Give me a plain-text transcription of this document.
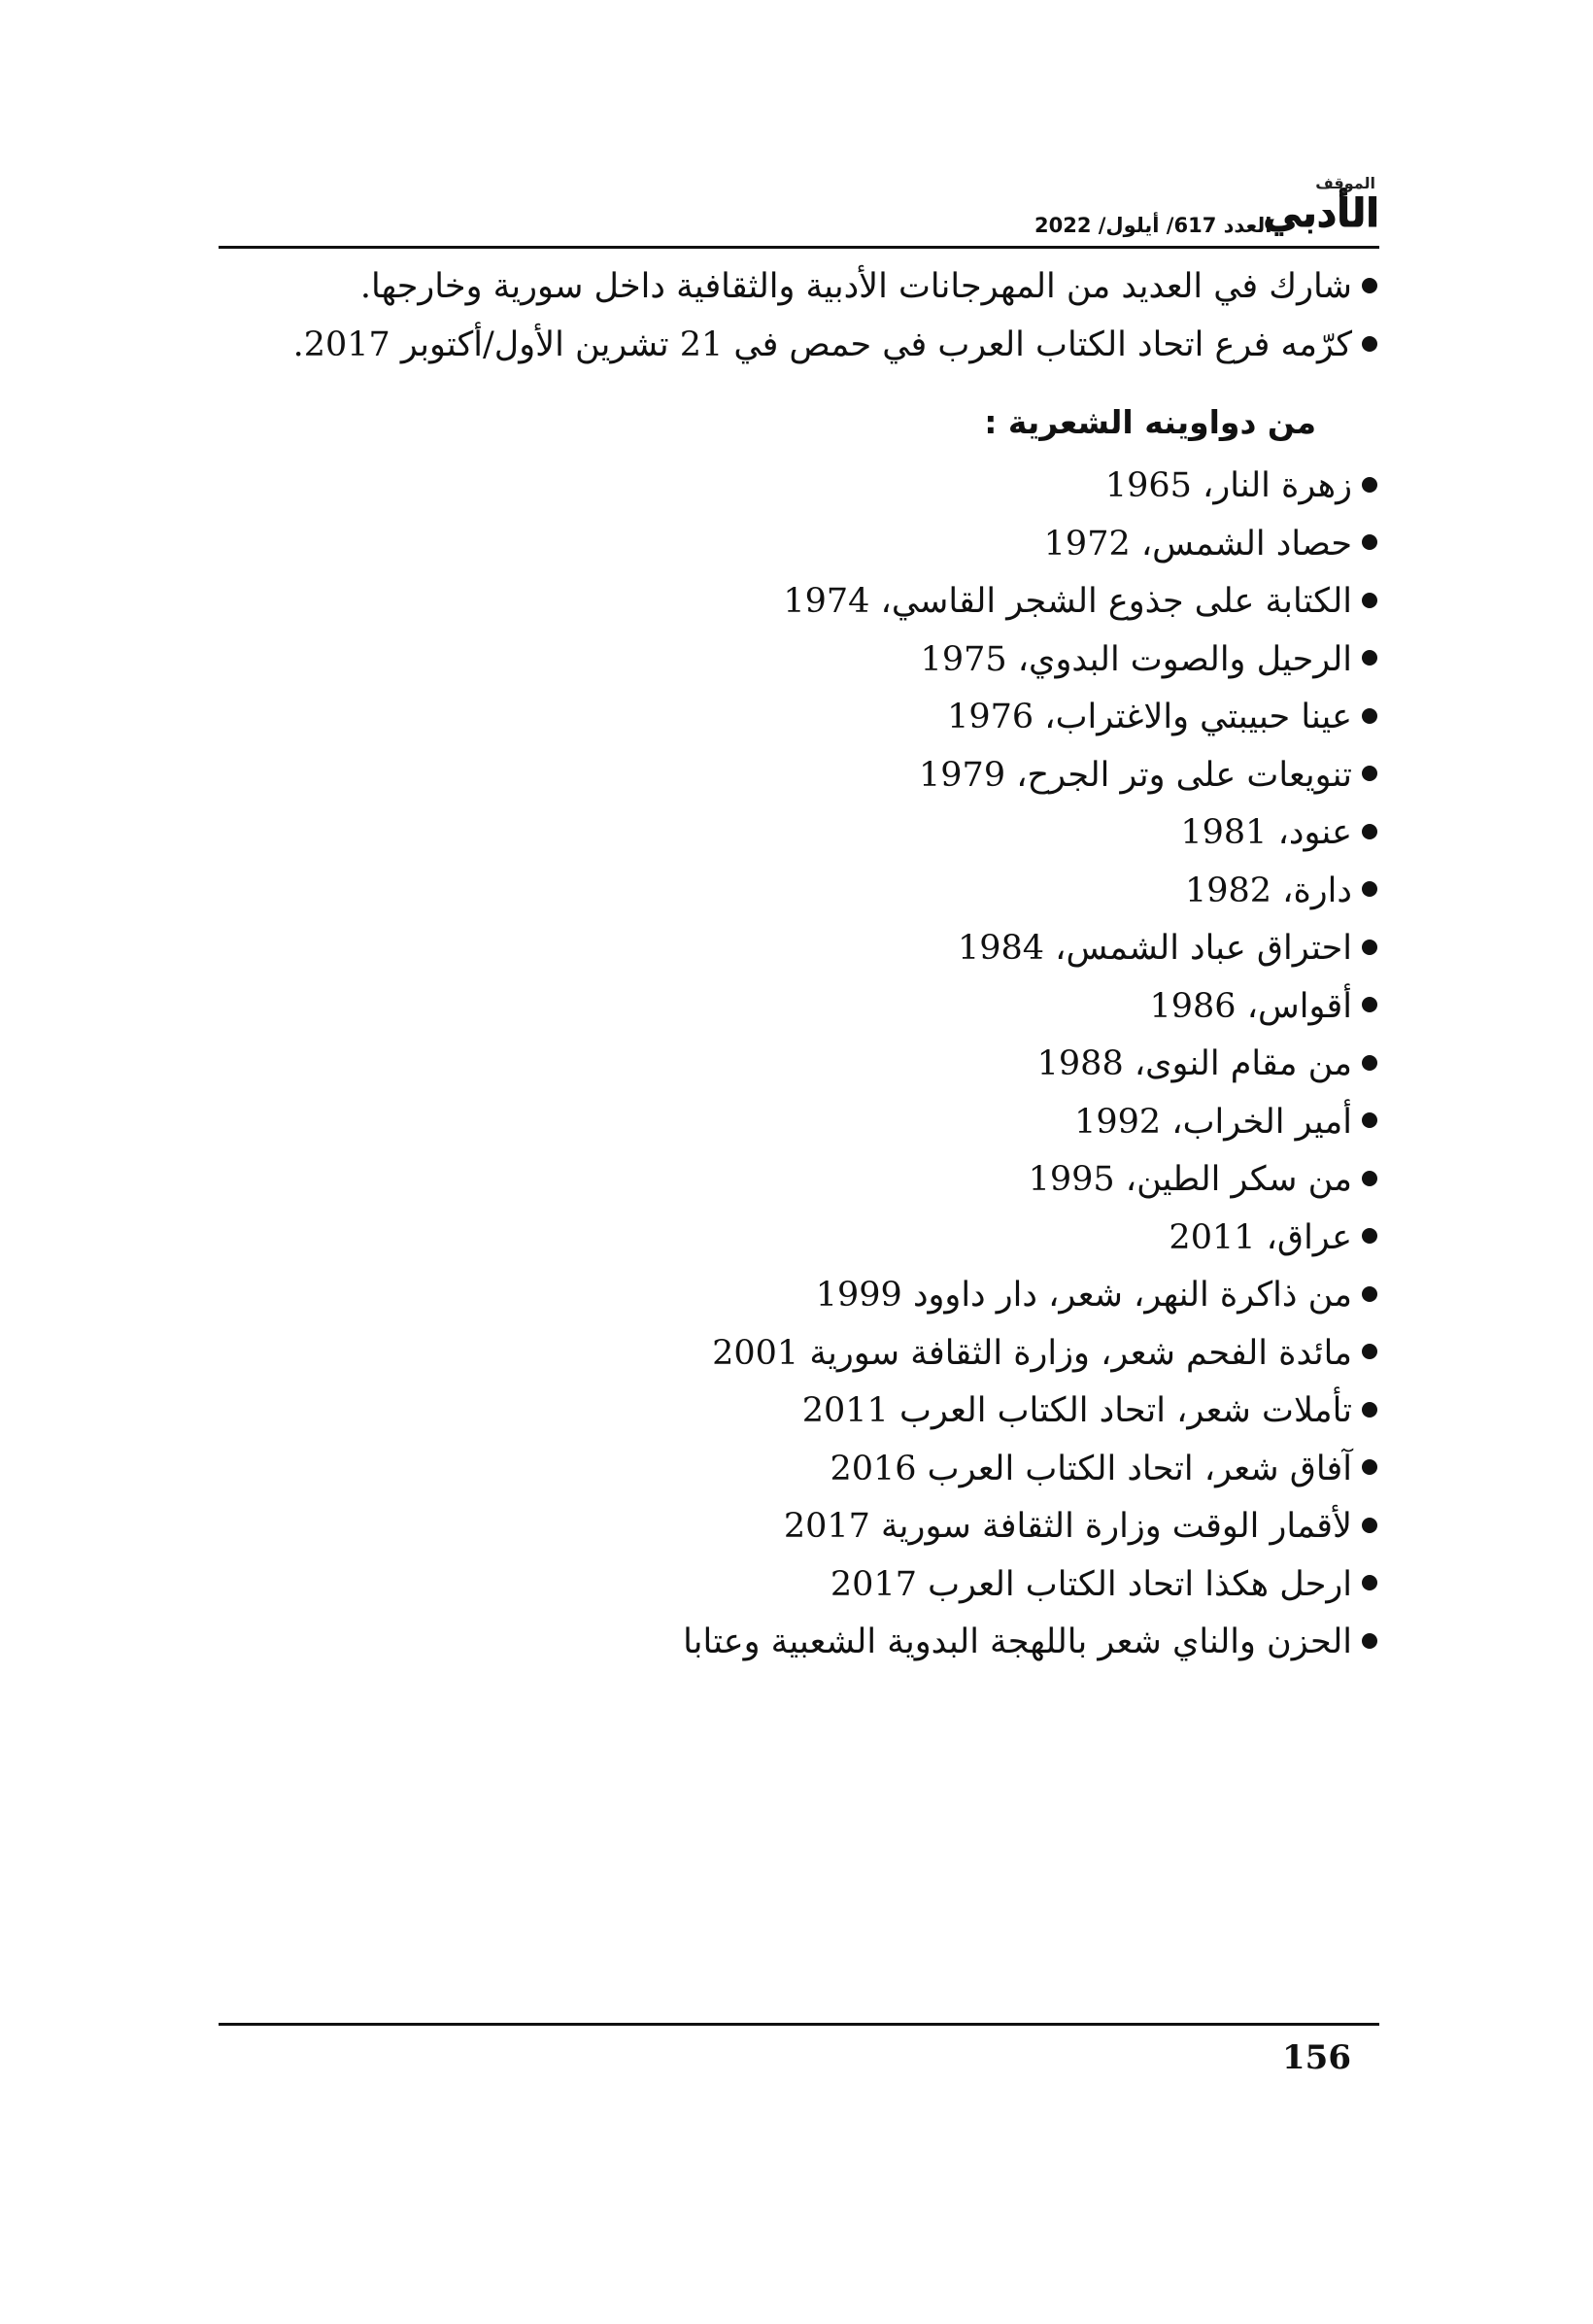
العدد 617/ أيلول/ 2022
الموقف
الأدبي
شارك في العديد من المهرجانات الأدبية والثقافية داخل سورية وخارجها.
كرّمه فرع اتحاد الكتاب العرب في حمص في 21 تشرين الأول/أكتوبر 2017.
من دواوينه الشعرية :
زهرة النار، 1965
حصاد الشمس، 1972
الكتابة على جذوع الشجر القاسي، 1974
الرحيل والصوت البدوي، 1975
عينا حبيبتي والاغتراب، 1976
تنويعات على وتر الجرح، 1979
عنود، 1981
دارة، 1982
احتراق عباد الشمس، 1984
أقواس، 1986
من مقام النوى، 1988
أمير الخراب، 1992
من سكر الطين، 1995
عراق، 2011
من ذاكرة النهر، شعر، دار داوود 1999
مائدة الفحم شعر، وزارة الثقافة سورية 2001
تأملات شعر، اتحاد الكتاب العرب 2011
آفاق شعر، اتحاد الكتاب العرب 2016
لأقمار الوقت وزارة الثقافة سورية 2017
ارحل هكذا اتحاد الكتاب العرب 2017
الحزن والناي شعر باللهجة البدوية الشعبية وعتابا
156
